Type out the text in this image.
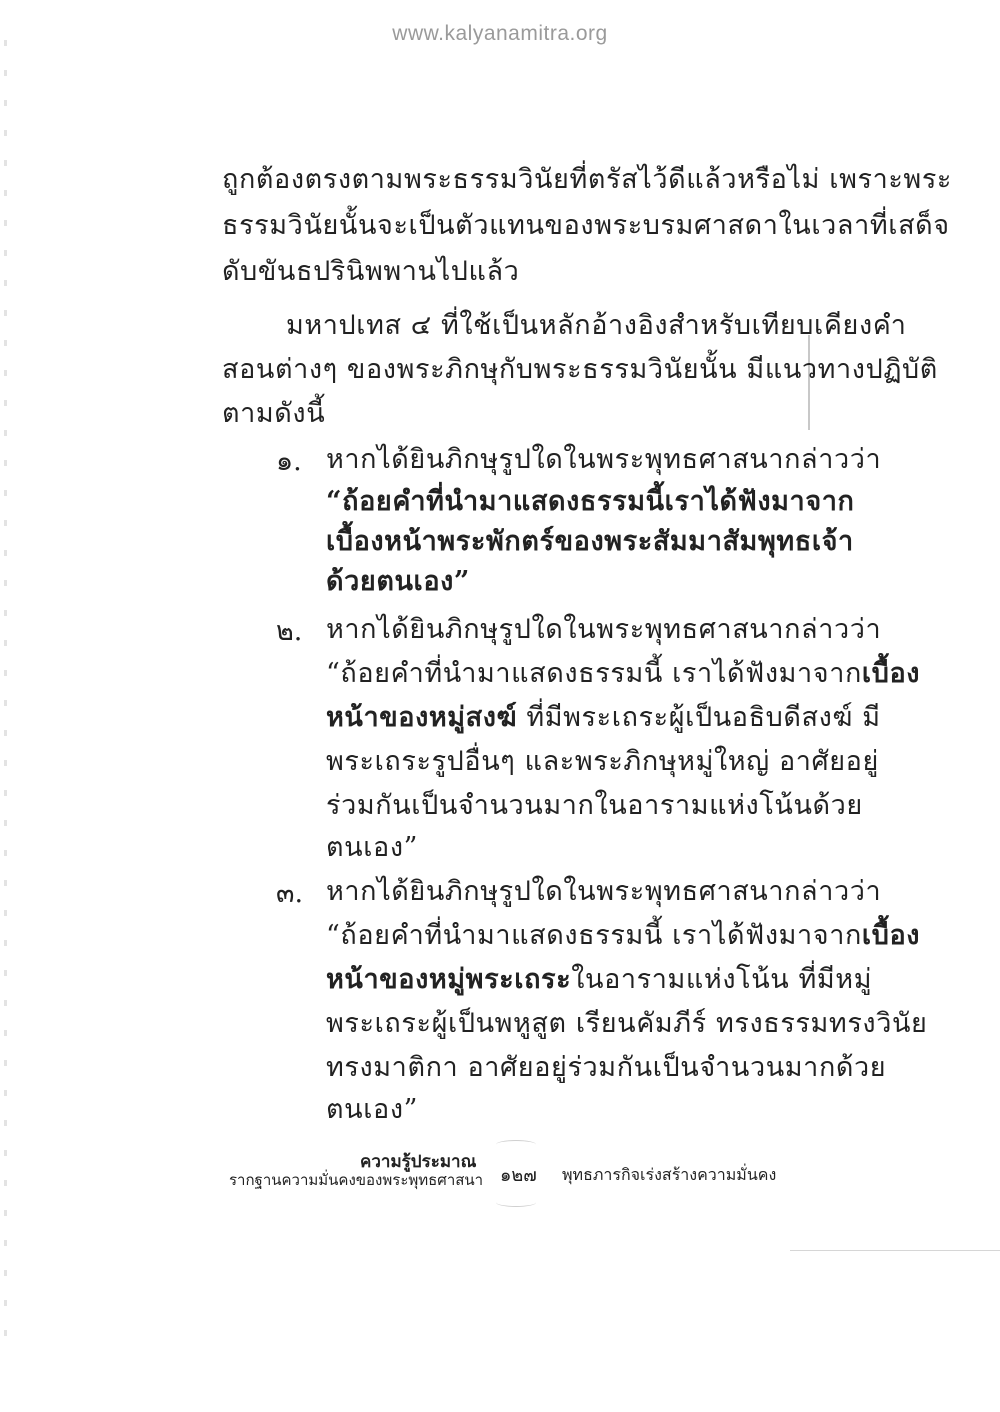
www.kalyanamitra.org
ถูกต้องตรงตามพระธรรมวินัยที่ตรัสไว้ดีแล้วหรือไม่ เพราะพระ
ธรรมวินัยนั้นจะเป็นตัวแทนของพระบรมศาสดาในเวลาที่เสด็จ
ดับขันธปรินิพพานไปแล้ว
มหาปเทส ๔ ที่ใช้เป็นหลักอ้างอิงสำหรับเทียบเคียงคำ
สอนต่างๆ ของพระภิกษุกับพระธรรมวินัยนั้น มีแนวทางปฏิบัติ
ตามดังนี้
๑. หากได้ยินภิกษุรูปใดในพระพุทธศาสนากล่าวว่า
“ถ้อยคำที่นำมาแสดงธรรมนี้เราได้ฟังมาจาก
เบื้องหน้าพระพักตร์ของพระสัมมาสัมพุทธเจ้า
ด้วยตนเอง”
๒. หากได้ยินภิกษุรูปใดในพระพุทธศาสนากล่าวว่า
“ถ้อยคำที่นำมาแสดงธรรมนี้ เราได้ฟังมาจากเบื้อง
หน้าของหมู่สงฆ์ ที่มีพระเถระผู้เป็นอธิบดีสงฆ์ มี
พระเถระรูปอื่นๆ และพระภิกษุหมู่ใหญ่ อาศัยอยู่
ร่วมกันเป็นจำนวนมากในอารามแห่งโน้นด้วย
ตนเอง”
๓. หากได้ยินภิกษุรูปใดในพระพุทธศาสนากล่าวว่า
“ถ้อยคำที่นำมาแสดงธรรมนี้ เราได้ฟังมาจากเบื้อง
หน้าของหมู่พระเถระในอารามแห่งโน้น ที่มีหมู่
พระเถระผู้เป็นพหูสูต เรียนคัมภีร์ ทรงธรรมทรงวินัย
ทรงมาติกา อาศัยอยู่ร่วมกันเป็นจำนวนมากด้วย
ตนเอง”
ความรู้ประมาณ
รากฐานความมั่นคงของพระพุทธศาสนา ๑๒๗ พุทธภารกิจเร่งสร้างความมั่นคง
